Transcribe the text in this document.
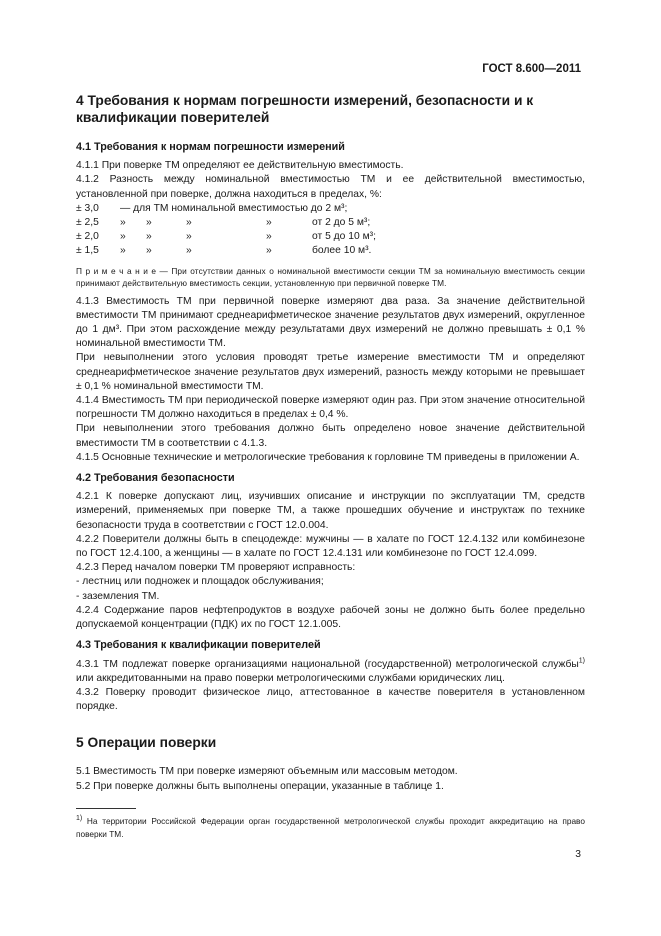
ГОСТ 8.600—2011
4 Требования к нормам погрешности измерений, безопасности и к квалификации поверителей
4.1 Требования к нормам погрешности измерений
4.1.1 При поверке ТМ определяют ее действительную вместимость.
4.1.2 Разность между номинальной вместимостью ТМ и ее действительной вместимостью, установленной при поверке, должна находиться в пределах, %:
± 3,0	— для ТМ номинальной вместимостью до 2 м³;
± 2,5	»	»	»	»	от 2 до 5 м³;
± 2,0	»	»	»	»	от 5 до 10 м³;
± 1,5	»	»	»	»	более 10 м³.
П р и м е ч а н и е — При отсутствии данных о номинальной вместимости секции ТМ за номинальную вместимость секции принимают действительную вместимость секции, установленную при первичной поверке ТМ.
4.1.3 Вместимость ТМ при первичной поверке измеряют два раза. За значение действительной вместимости ТМ принимают среднеарифметическое значение результатов двух измерений, округленное до 1 дм³. При этом расхождение между результатами двух измерений не должно превышать ± 0,1 % номинальной вместимости ТМ.
При невыполнении этого условия проводят третье измерение вместимости ТМ и определяют среднеарифметическое значение результатов двух измерений, разность между которыми не превышает ± 0,1 % номинальной вместимости ТМ.
4.1.4 Вместимость ТМ при периодической поверке измеряют один раз. При этом значение относительной погрешности ТМ должно находиться в пределах ± 0,4 %.
При невыполнении этого требования должно быть определено новое значение действительной вместимости ТМ в соответствии с 4.1.3.
4.1.5 Основные технические и метрологические требования к горловине ТМ приведены в приложении А.
4.2 Требования безопасности
4.2.1 К поверке допускают лиц, изучивших описание и инструкции по эксплуатации ТМ, средств измерений, применяемых при поверке ТМ, а также прошедших обучение и инструктаж по технике безопасности труда в соответствии с ГОСТ 12.0.004.
4.2.2 Поверители должны быть в спецодежде: мужчины — в халате по ГОСТ 12.4.132 или комбинезоне по ГОСТ 12.4.100, а женщины — в халате по ГОСТ 12.4.131 или комбинезоне по ГОСТ 12.4.099.
4.2.3 Перед началом поверки ТМ проверяют исправность:
- лестниц или подножек и площадок обслуживания;
- заземления ТМ.
4.2.4 Содержание паров нефтепродуктов в воздухе рабочей зоны не должно быть более предельно допускаемой концентрации (ПДК) их по ГОСТ 12.1.005.
4.3 Требования к квалификации поверителей
4.3.1 ТМ подлежат поверке организациями национальной (государственной) метрологической службы$^{1)}$ или аккредитованными на право поверки метрологическими службами юридических лиц.
4.3.2 Поверку проводит физическое лицо, аттестованное в качестве поверителя в установленном порядке.
5 Операции поверки
5.1 Вместимость ТМ при поверке измеряют объемным или массовым методом.
5.2 При поверке должны быть выполнены операции, указанные в таблице 1.
$^{1)}$ На территории Российской Федерации орган государственной метрологической службы проходит аккредитацию на право поверки ТМ.
3
